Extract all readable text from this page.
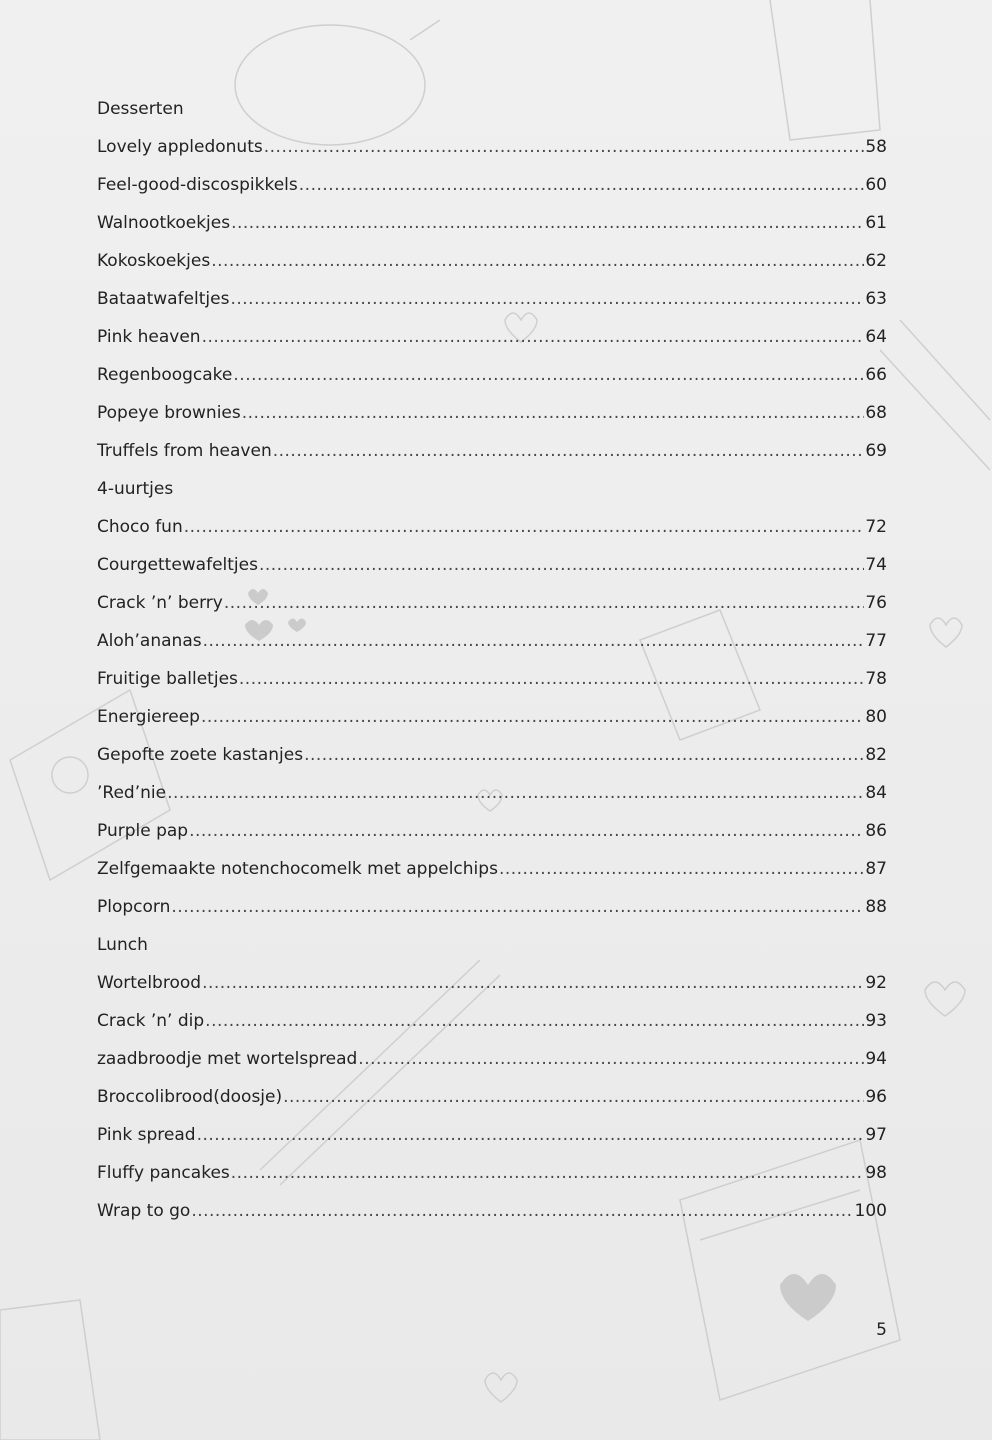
Desserten
Lovely appledonuts .....	58
Feel-good-discospikkels .....	60
Walnootkoekjes .....	61
Kokoskoekjes .....	62
Bataatwafeltjes .....	63
Pink heaven .....	64
Regenboogcake .....	66
Popeye brownies .....	68
Truffels from heaven .....	69
4-uurtjes
Choco fun .....	72
Courgettewafeltjes .....	74
Crack ’n’ berry .....	76
Aloh’ananas .....	77
Fruitige balletjes .....	78
Energiereep .....	80
Gepofte zoete kastanjes .....	82
’Red’nie .....	84
Purple pap .....	86
Zelfgemaakte notenchocomelk met appelchips .....	87
Plopcorn .....	88
Lunch
Wortelbrood .....	92
Crack ’n’ dip .....	93
zaadbroodje met wortelspread .....	94
Broccolibrood(doosje) .....	96
Pink spread .....	97
Fluffy pancakes .....	98
Wrap to go .....	100
5
